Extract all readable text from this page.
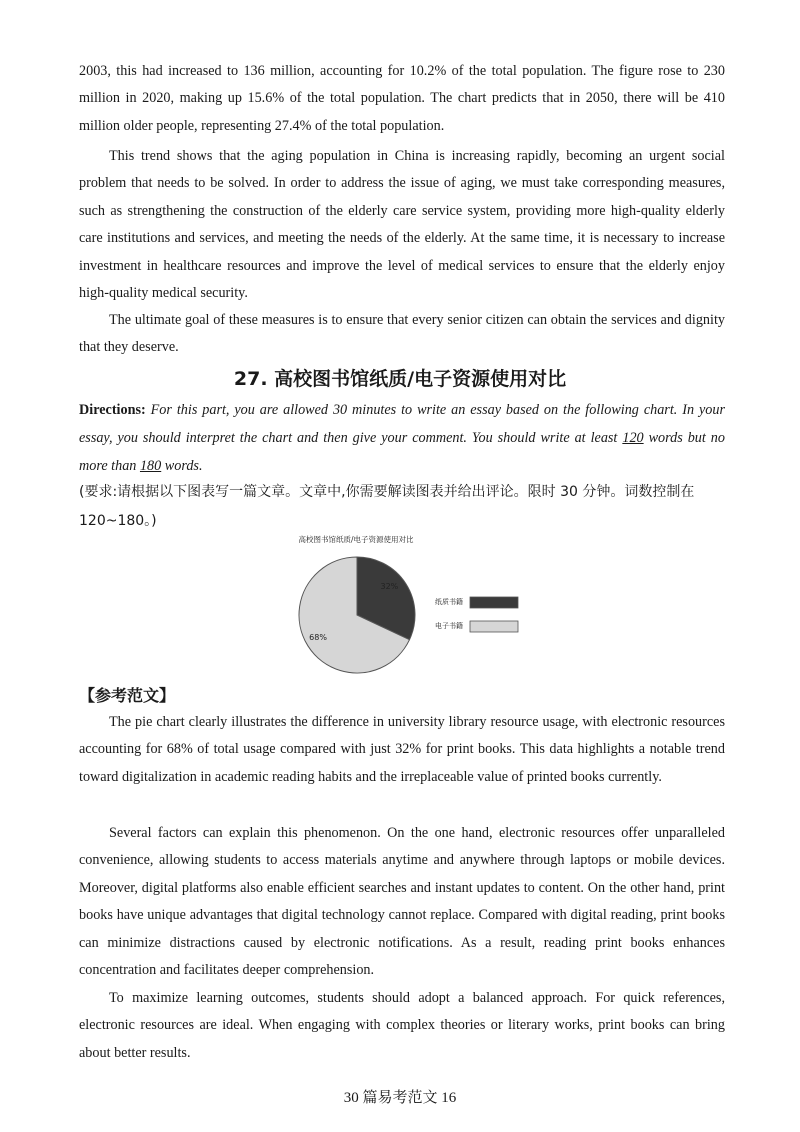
2003, this had increased to 136 million, accounting for 10.2% of the total population. The figure rose to 230 million in 2020, making up 15.6% of the total population. The chart predicts that in 2050, there will be 410 million older people, representing 27.4% of the total population.

This trend shows that the aging population in China is increasing rapidly, becoming an urgent social problem that needs to be solved. In order to address the issue of aging, we must take corresponding measures, such as strengthening the construction of the elderly care service system, providing more high-quality elderly care institutions and services, and meeting the needs of the elderly. At the same time, it is necessary to increase investment in healthcare resources and improve the level of medical services to ensure that the elderly enjoy high-quality medical security.

The ultimate goal of these measures is to ensure that every senior citizen can obtain the services and dignity that they deserve.

27. 高校图书馆纸质/电子资源使用对比

Directions: For this part, you are allowed 30 minutes to write an essay based on the following chart. In your essay, you should interpret the chart and then give your comment. You should write at least 120 words but no more than 180 words.

(要求:请根据以下图表写一篇文章。文章中,你需要解读图表并给出评论。限时 30 分钟。词数控制在 120~180。)

高校图书馆纸质/电子资源使用对比
32%
68%
纸质书籍
电子书籍
【参考范文】

The pie chart clearly illustrates the difference in university library resource usage, with electronic resources accounting for 68% of total usage compared with just 32% for print books. This data highlights a notable trend toward digitalization in academic reading habits and the irreplaceable value of printed books currently.

Several factors can explain this phenomenon. On the one hand, electronic resources offer unparalleled convenience, allowing students to access materials anytime and anywhere through laptops or mobile devices. Moreover, digital platforms also enable efficient searches and instant updates to content. On the other hand, print books have unique advantages that digital technology cannot replace. Compared with digital reading, print books can minimize distractions caused by electronic notifications. As a result, reading print books enhances concentration and facilitates deeper comprehension.

To maximize learning outcomes, students should adopt a balanced approach. For quick references, electronic resources are ideal. When engaging with complex theories or literary works, print books can bring about better results.

30 篇易考范文 16
